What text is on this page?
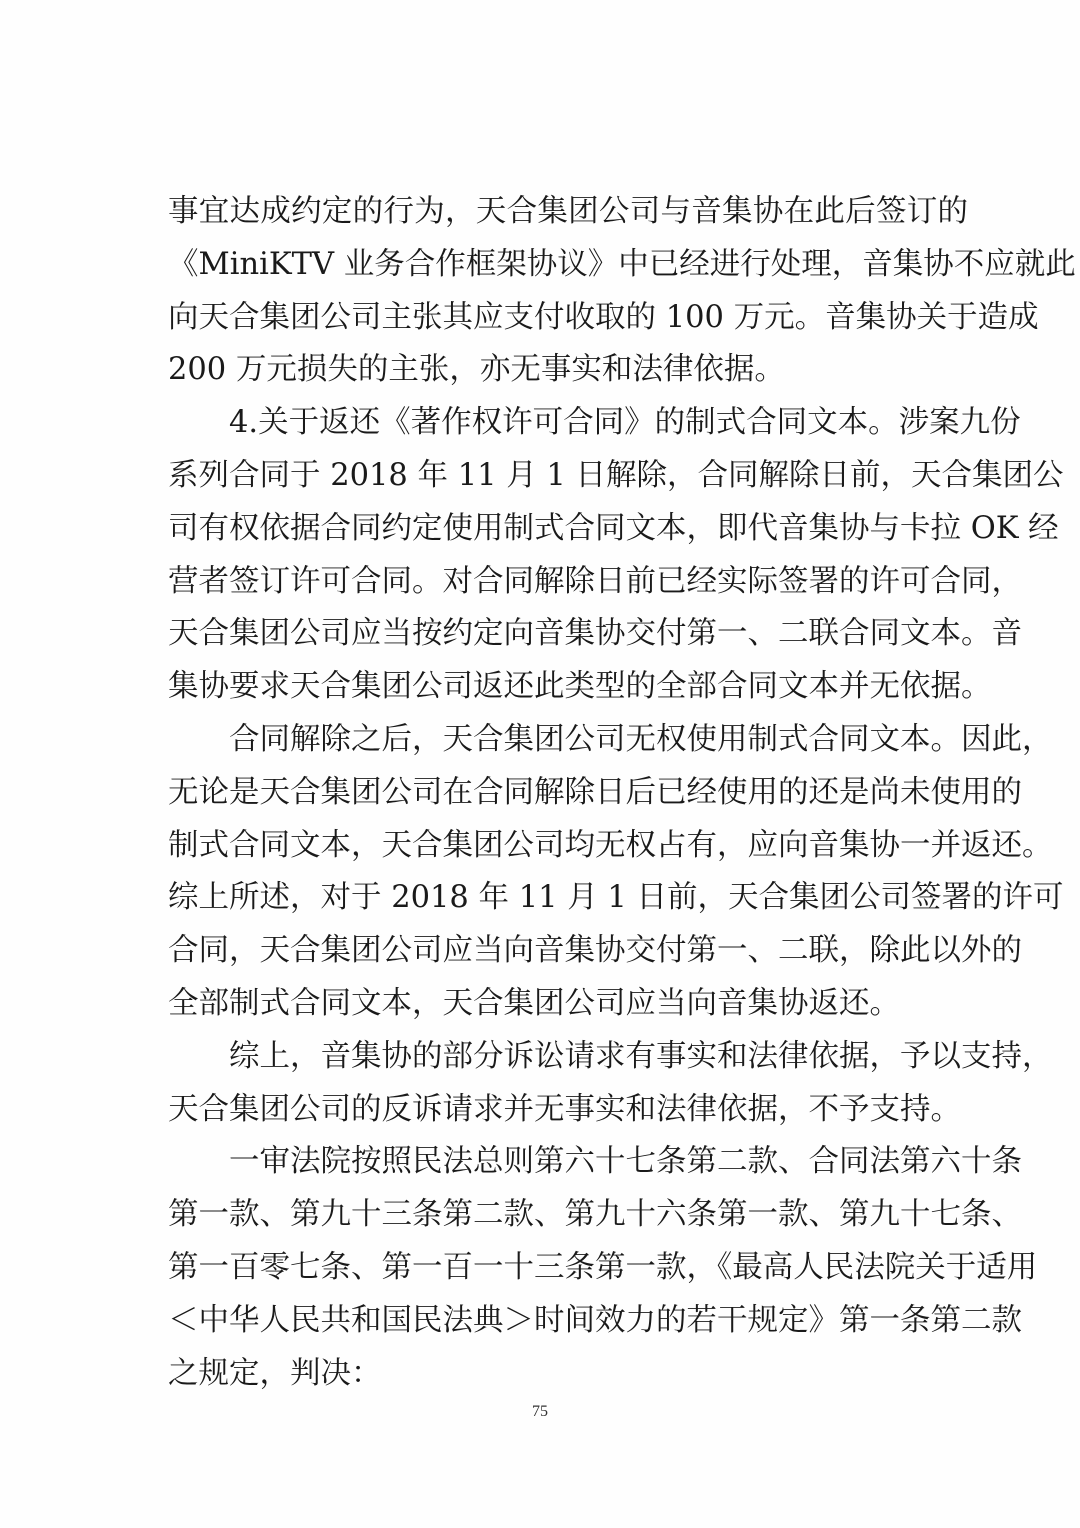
事宜达成约定的行为，天合集团公司与音集协在此后签订的
《MiniKTV 业务合作框架协议》中已经进行处理，音集协不应就此
向天合集团公司主张其应支付收取的 100 万元。音集协关于造成
200 万元损失的主张，亦无事实和法律依据。
4.关于返还《著作权许可合同》的制式合同文本。涉案九份
系列合同于 2018 年 11 月 1 日解除，合同解除日前，天合集团公
司有权依据合同约定使用制式合同文本，即代音集协与卡拉 OK 经
营者签订许可合同。对合同解除日前已经实际签署的许可合同，
天合集团公司应当按约定向音集协交付第一、二联合同文本。音
集协要求天合集团公司返还此类型的全部合同文本并无依据。
合同解除之后，天合集团公司无权使用制式合同文本。因此，
无论是天合集团公司在合同解除日后已经使用的还是尚未使用的
制式合同文本，天合集团公司均无权占有，应向音集协一并返还。
综上所述，对于 2018 年 11 月 1 日前，天合集团公司签署的许可
合同，天合集团公司应当向音集协交付第一、二联，除此以外的
全部制式合同文本，天合集团公司应当向音集协返还。
综上，音集协的部分诉讼请求有事实和法律依据，予以支持，
天合集团公司的反诉请求并无事实和法律依据，不予支持。
一审法院按照民法总则第六十七条第二款、合同法第六十条
第一款、第九十三条第二款、第九十六条第一款、第九十七条、
第一百零七条、第一百一十三条第一款，《最高人民法院关于适用
＜中华人民共和国民法典＞时间效力的若干规定》第一条第二款
之规定，判决：
75
